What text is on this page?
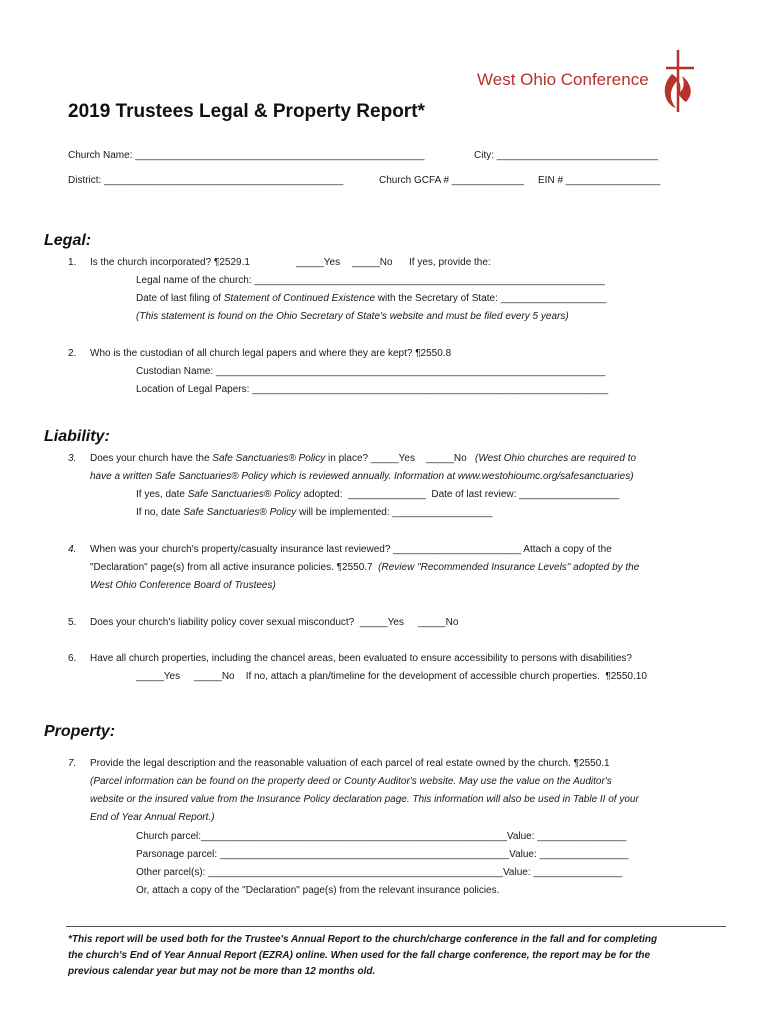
West Ohio Conference
2019 Trustees Legal & Property Report*
Church Name: ____________________________________________________	City: _____________________________
District: ___________________________________________	Church GCFA # _____________ EIN # _________________
Legal:
1. Is the church incorporated? ¶2529.1	_____Yes _____No If yes, provide the:
Legal name of the church: _______________________________________________________________
Date of last filing of Statement of Continued Existence with the Secretary of State: ___________________
(This statement is found on the Ohio Secretary of State's website and must be filed every 5 years)
2. Who is the custodian of all church legal papers and where they are kept? ¶2550.8
Custodian Name: ______________________________________________________________________
Location of Legal Papers: ________________________________________________________________
Liability:
3. Does your church have the Safe Sanctuaries® Policy in place? _____Yes    _____No   (West Ohio churches are required to
have a written Safe Sanctuaries® Policy which is reviewed annually. Information at www.westohioumc.org/safesanctuaries)
If yes, date Safe Sanctuaries® Policy adopted:  ______________  Date of last review: __________________
If no, date Safe Sanctuaries® Policy will be implemented: __________________
4. When was your church's property/casualty insurance last reviewed? _______________________ Attach a copy of the
"Declaration" page(s) from all active insurance policies. ¶2550.7  (Review "Recommended Insurance Levels" adopted by the
West Ohio Conference Board of Trustees)
5. Does your church's liability policy cover sexual misconduct?  _____Yes     _____No
6. Have all church properties, including the chancel areas, been evaluated to ensure accessibility to persons with disabilities?
_____Yes     _____No    If no, attach a plan/timeline for the development of accessible church properties.  ¶2550.10
Property:
7. Provide the legal description and the reasonable valuation of each parcel of real estate owned by the church. ¶2550.1
(Parcel information can be found on the property deed or County Auditor's website. May use the value on the Auditor's
website or the insured value from the Insurance Policy declaration page. This information will also be used in Table II of your
End of Year Annual Report.)
Church parcel:_______________________________________________________Value: ________________
Parsonage parcel: ____________________________________________________Value: ________________
Other parcel(s): _____________________________________________________Value: ________________
Or, attach a copy of the "Declaration" page(s) from the relevant insurance policies.
*This report will be used both for the Trustee's Annual Report to the church/charge conference in the fall and for completing
the church's End of Year Annual Report (EZRA) online. When used for the fall charge conference, the report may be for the
previous calendar year but may not be more than 12 months old.
